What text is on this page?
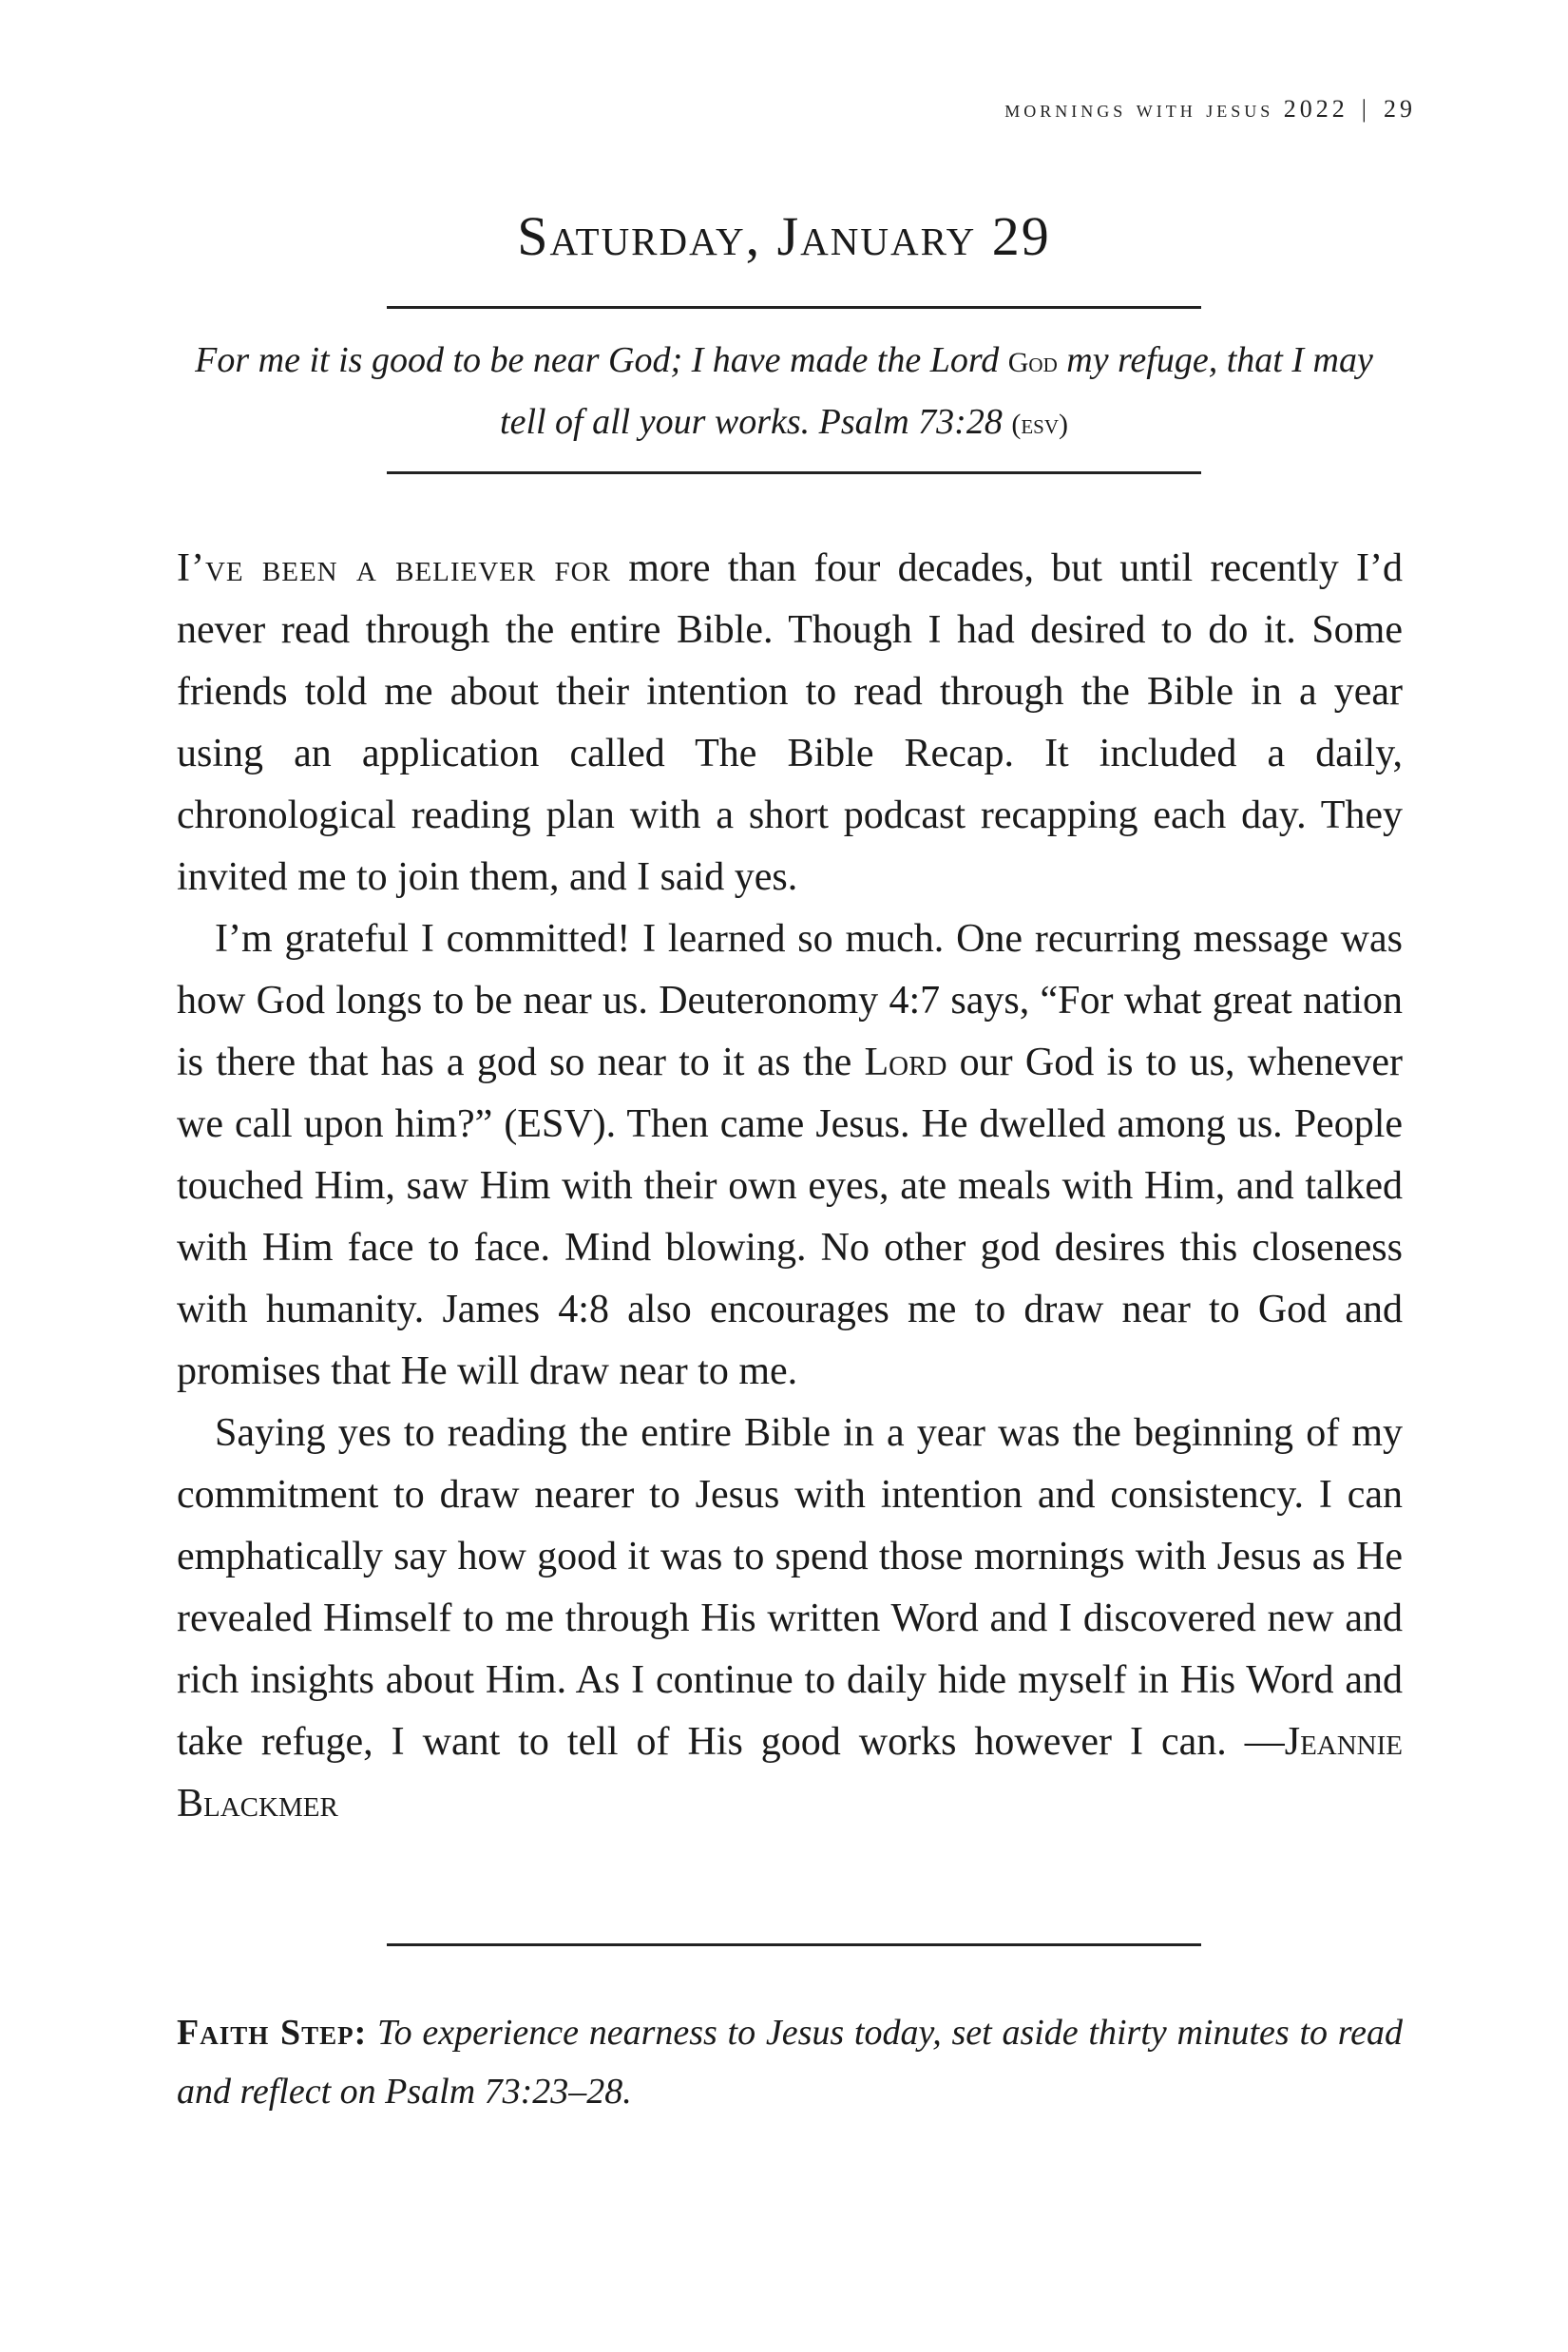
mornings with jesus 2022 | 29
Saturday, January 29
For me it is good to be near God; I have made the Lord God my refuge, that I may tell of all your works. Psalm 73:28 (esv)

I’ve been a believer for more than four decades, but until recently I’d never read through the entire Bible. Though I had desired to do it. Some friends told me about their intention to read through the Bible in a year using an application called The Bible Recap. It included a daily, chronological reading plan with a short podcast recapping each day. They invited me to join them, and I said yes.

I’m grateful I committed! I learned so much. One recurring message was how God longs to be near us. Deuteronomy 4:7 says, “For what great nation is there that has a god so near to it as the Lord our God is to us, whenever we call upon him?” (ESV). Then came Jesus. He dwelled among us. People touched Him, saw Him with their own eyes, ate meals with Him, and talked with Him face to face. Mind blowing. No other god desires this closeness with humanity. James 4:8 also encourages me to draw near to God and promises that He will draw near to me.

Saying yes to reading the entire Bible in a year was the beginning of my commitment to draw nearer to Jesus with intention and consistency. I can emphatically say how good it was to spend those mornings with Jesus as He revealed Himself to me through His written Word and I discovered new and rich insights about Him. As I continue to daily hide myself in His Word and take refuge, I want to tell of His good works however I can. —Jeannie Blackmer

Faith Step: To experience nearness to Jesus today, set aside thirty minutes to read and reflect on Psalm 73:23–28.
